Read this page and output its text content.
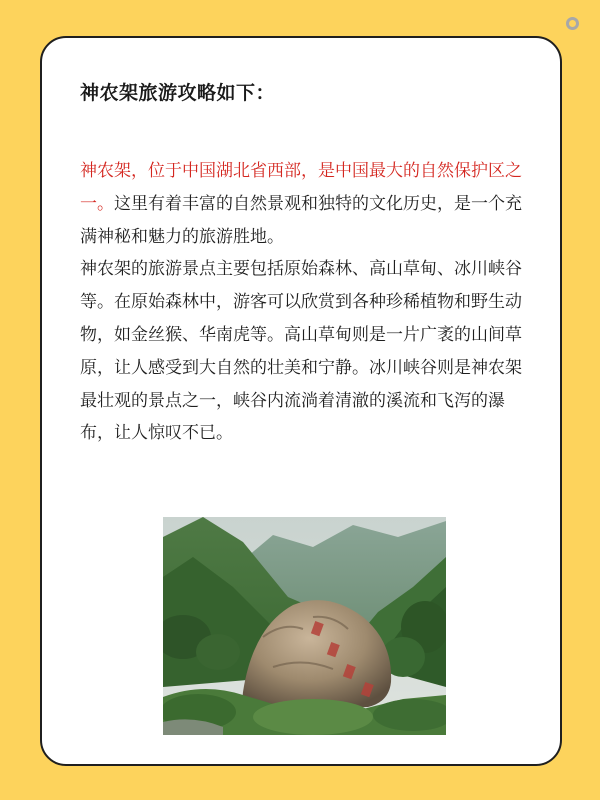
神农架旅游攻略如下：

神农架，位于中国湖北省西部，是中国最大的自然保护区之一。这里有着丰富的自然景观和独特的文化历史，是一个充满神秘和魅力的旅游胜地。

神农架的旅游景点主要包括原始森林、高山草甸、冰川峡谷等。在原始森林中，游客可以欣赏到各种珍稀植物和野生动物，如金丝猴、华南虎等。高山草甸则是一片广袤的山间草原，让人感受到大自然的壮美和宁静。冰川峡谷则是神农架最壮观的景点之一，峡谷内流淌着清澈的溪流和飞泻的瀑布，让人惊叹不已。
